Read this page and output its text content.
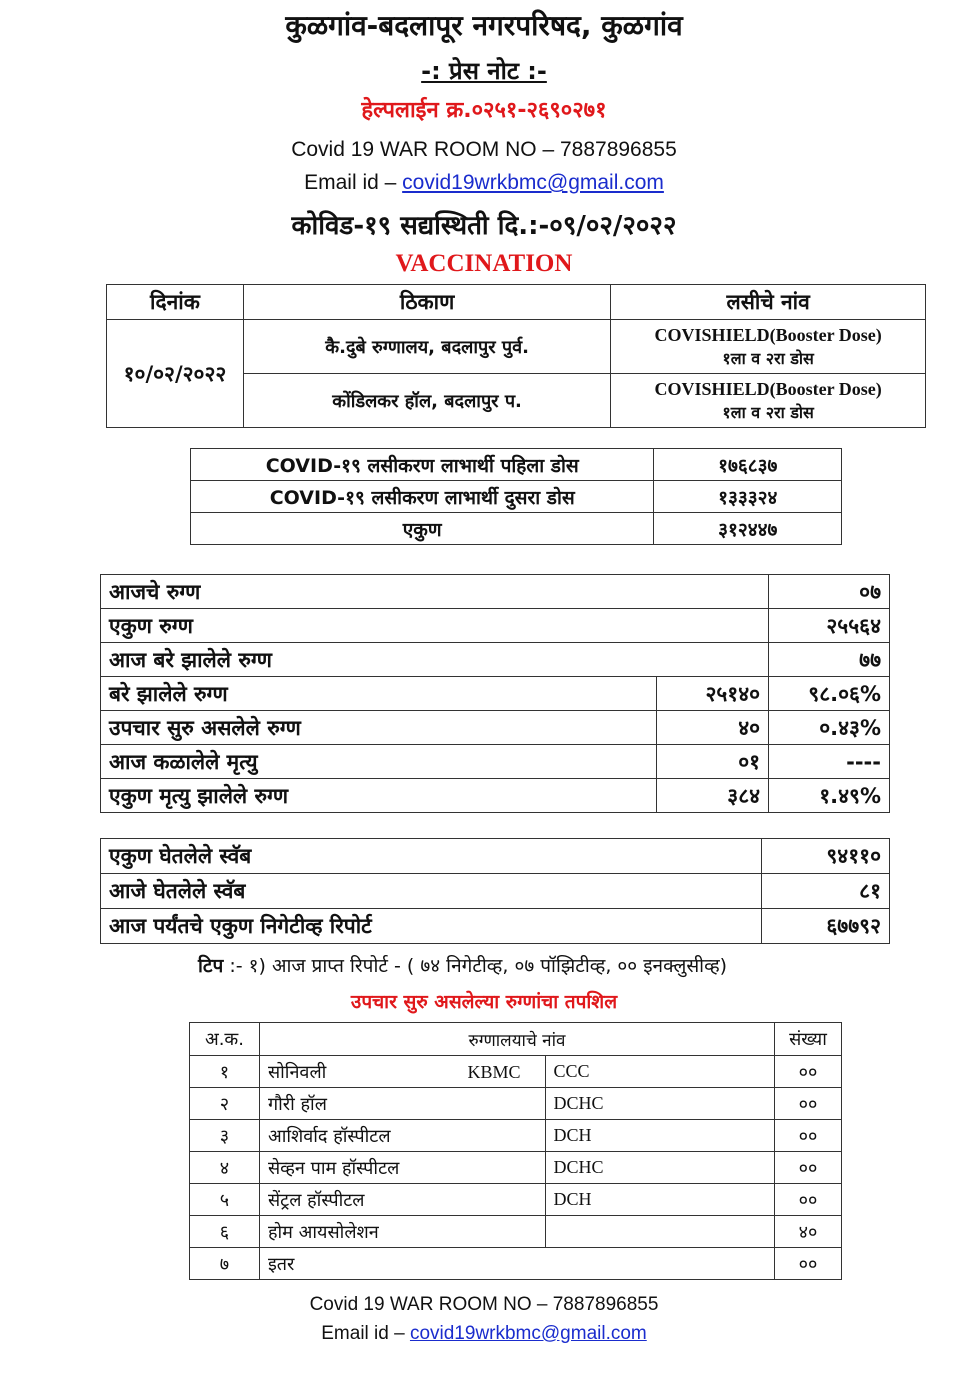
कुळगांव-बदलापूर नगरपरिषद, कुळगांव
-: प्रेस नोट :-
हेल्पलाईन क्र.०२५१-२६९०२७१
Covid 19 WAR ROOM NO – 7887896855
Email id – covid19wrkbmc@gmail.com
कोविड-१९ सद्यस्थिती दि.:-०९/०२/२०२२
VACCINATION
दिनांक	ठिकाण	लसीचे नांव
१०/०२/२०२२	कै.दुबे रुग्णालय, बदलापुर पुर्व.	COVISHIELD(Booster Dose)
१ला व २रा डोस

	कोंडिलकर हॉल, बदलापुर प.	COVISHIELD(Booster Dose)
१ला व २रा डोस
COVID-१९ लसीकरण लाभार्थी पहिला डोस	१७६८३७
COVID-१९ लसीकरण लाभार्थी दुसरा डोस	१३३३२४
एकुण	३१२४४७
आजचे रुग्ण		०७
एकुण रुग्ण		२५५६४
आज बरे झालेले रुग्ण		७७
बरे झालेले रुग्ण	२५१४०	९८.०६%
उपचार सुरु असलेले रुग्ण	४०	०.४३%
आज कळालेले मृत्यु	०१	----
एकुण मृत्यु झालेले रुग्ण	३८४	१.४९%
एकुण घेतलेले स्वॅब	९४११०
आजे घेतलेले स्वॅब	८१
आज पर्यंतचे एकुण निगेटीव्ह रिपोर्ट	६७७९२
टिप :- १) आज प्राप्त रिपोर्ट - ( ७४ निगेटीव्ह, ०७ पॉझिटीव्ह, ०० इनक्लुसीव्ह)
उपचार सुरु असलेल्या रुग्णांचा तपशिल
अ.क.	रुग्णालयाचे नांव		संख्या
१	सोनिवली KBMC	CCC	००
२	गौरी हॉल	DCHC	००
३	आशिर्वाद हॉस्पीटल	DCH	००
४	सेव्हन पाम हॉस्पीटल	DCHC	००
५	सेंट्रल हॉस्पीटल	DCH	००
६	होम आयसोलेशन		४०
७	इतर		००
Covid 19 WAR ROOM NO – 7887896855
Email id – covid19wrkbmc@gmail.com
